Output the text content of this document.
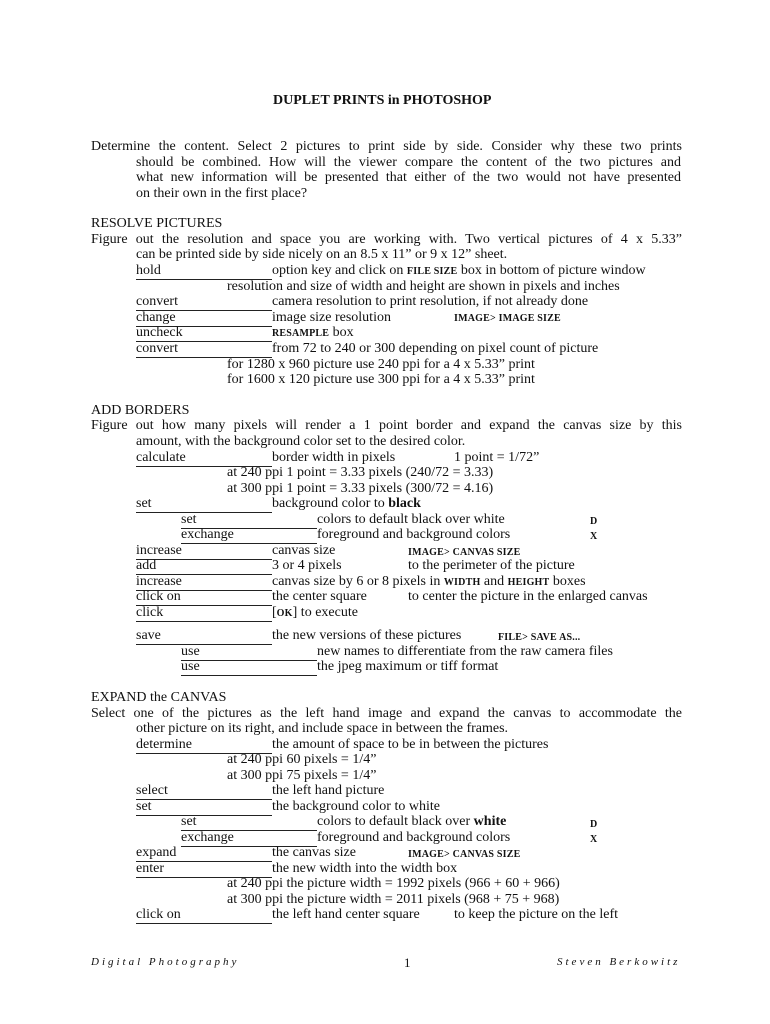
DUPLET PRINTS in PHOTOSHOP
Determine the content. Select 2 pictures to print side by side. Consider why these two prints
should be combined. How will the viewer compare the content of the two pictures and
what new information will be presented that either of the two would not have presented
on their own in the first place?
RESOLVE PICTURES
Figure out the resolution and space you are working with. Two vertical pictures of 4 x 5.33”
can be printed side by side nicely on an 8.5 x 11” or 9 x 12” sheet.
hold	option key and click on FILE SIZE box in bottom of picture window
resolution and size of width and height are shown in pixels and inches
convert	camera resolution to print resolution, if not already done
change	image size resolution	IMAGE> IMAGE SIZE
uncheck	RESAMPLE box
convert	from 72 to 240 or 300 depending on pixel count of picture
for 1280 x 960 picture use 240 ppi for a 4 x 5.33” print
for 1600 x 120 picture use 300 ppi for a 4 x 5.33” print
ADD BORDERS
Figure out how many pixels will render a 1 point border and expand the canvas size by this
amount, with the background color set to the desired color.
calculate	border width in pixels	1 point = 1/72”
at 240 ppi 1 point = 3.33 pixels (240/72 = 3.33)
at 300 ppi 1 point = 3.33 pixels (300/72 = 4.16)
set	background color to black
set	colors to default black over white	D
exchange	foreground and background colors	X
increase	canvas size	IMAGE> CANVAS SIZE
add	3 or 4 pixels	to the perimeter of the picture
increase	canvas size by 6 or 8 pixels in WIDTH and HEIGHT boxes
click on	the center square	to center the picture in the enlarged canvas
click	[OK] to execute
save	the new versions of these pictures	FILE> SAVE AS...
use	new names to differentiate from the raw camera files
use	the jpeg maximum or tiff format
EXPAND the CANVAS
Select one of the pictures as the left hand image and expand the canvas to accommodate the
other picture on its right, and include space in between the frames.
determine	the amount of space to be in between the pictures
at 240 ppi 60 pixels = 1/4”
at 300 ppi 75 pixels = 1/4”
select	the left hand picture
set	the background color to white
set	colors to default black over white	D
exchange	foreground and background colors	X
expand	the canvas size	IMAGE> CANVAS SIZE
enter	the new width into the width box
at 240 ppi the picture width = 1992 pixels (966 + 60 + 966)
at 300 ppi the picture width = 2011 pixels (968 + 75 + 968)
click on	the left hand center square to keep the picture on the left
Digital Photography	1	Steven Berkowitz
